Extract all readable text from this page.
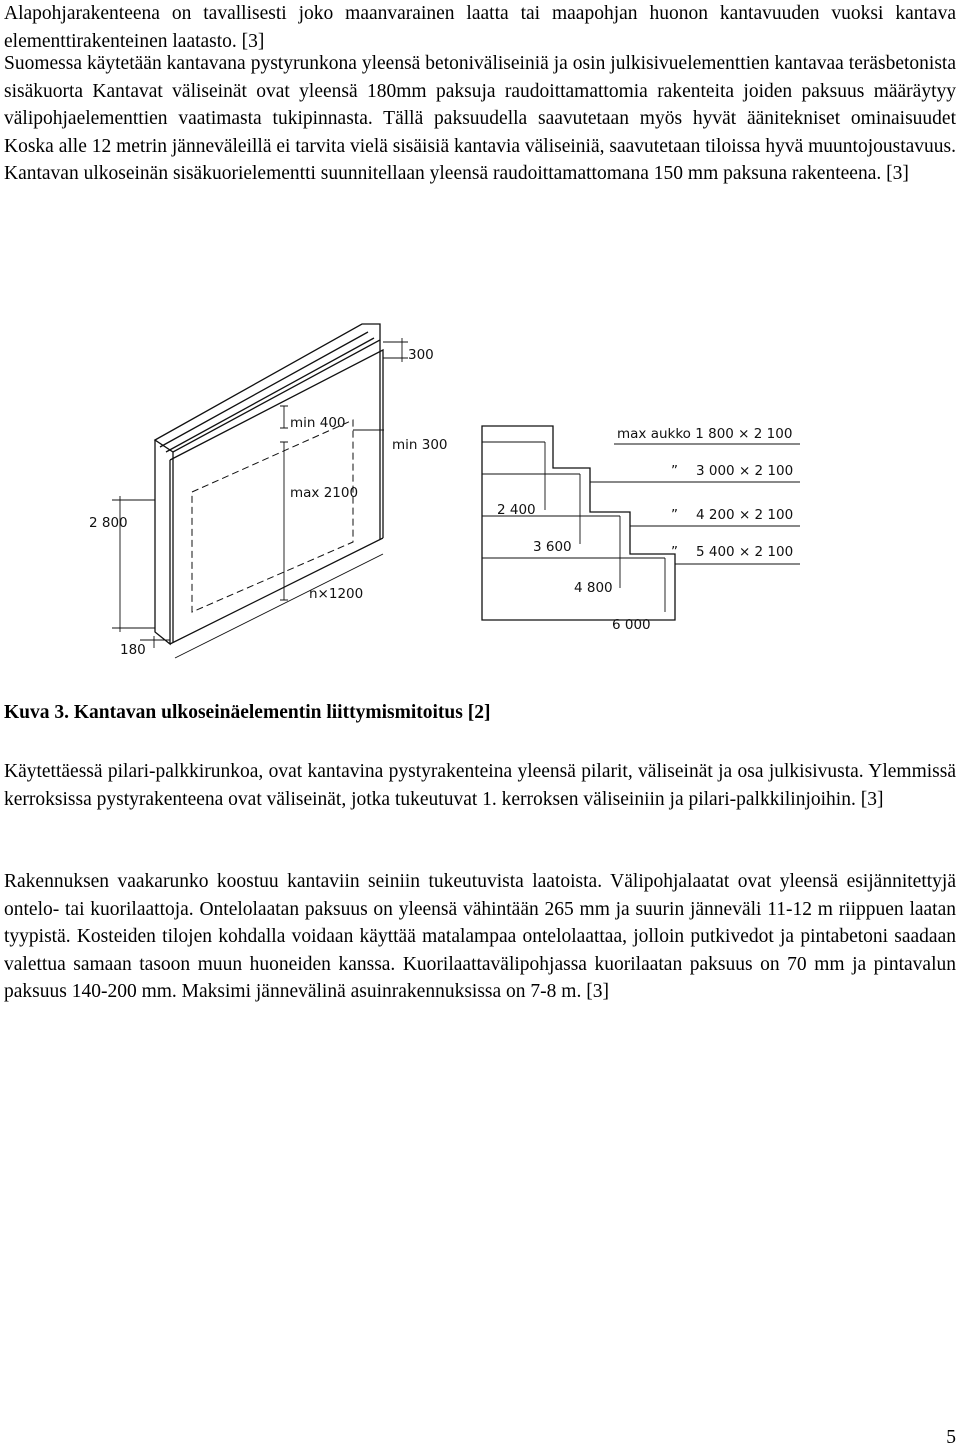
Alapohjarakenteena on tavallisesti joko maanvarainen laatta tai maapohjan huonon kantavuuden vuoksi kantava elementtirakenteinen laatasto. [3]

Suomessa käytetään kantavana pystyrunkona yleensä betoniväliseiniä ja osin julkisivuelementtien kantavaa teräsbetonista sisäkuorta Kantavat väliseinät ovat yleensä 180mm paksuja raudoittamattomia rakenteita joiden paksuus määräytyy välipohjaelementtien vaatimasta tukipinnasta. Tällä paksuudella saavutetaan myös hyvät äänitekniset ominaisuudet Koska alle 12 metrin jänneväleillä ei tarvita vielä sisäisiä kantavia väliseiniä, saavutetaan tiloissa hyvä muuntojoustavuus. Kantavan ulkoseinän sisäkuorielementti suunnitellaan yleensä raudoittamattomana 150 mm paksuna rakenteena. [3]

300
min 400
min 300
max 2100
2 800
n×1200
180
2 400
3 600
4 800
6 000
max aukko 1 800 × 2 100
” 3 000 × 2 100
” 4 200 × 2 100
” 5 400 × 2 100

Kuva 3. Kantavan ulkoseinäelementin liittymismitoitus [2]

Käytettäessä pilari-palkkirunkoa, ovat kantavina pystyrakenteina yleensä pilarit, väliseinät ja osa julkisivusta. Ylemmissä kerroksissa pystyrakenteena ovat väliseinät, jotka tukeutuvat 1. kerroksen väliseiniin ja pilari-palkkilinjoihin. [3]

Rakennuksen vaakarunko koostuu kantaviin seiniin tukeutuvista laatoista. Välipohjalaatat ovat yleensä esijännitettyjä ontelo- tai kuorilaattoja. Ontelolaatan paksuus on yleensä vähintään 265 mm ja suurin jänneväli 11-12 m riippuen laatan tyypistä. Kosteiden tilojen kohdalla voidaan käyttää matalampaa ontelolaattaa, jolloin putkivedot ja pintabetoni saadaan valettua samaan tasoon muun huoneiden kanssa. Kuorilaattavälipohjassa kuorilaatan paksuus on 70 mm ja pintavalun paksuus 140-200 mm. Maksimi jännevälinä asuinrakennuksissa on 7-8 m. [3]

5
